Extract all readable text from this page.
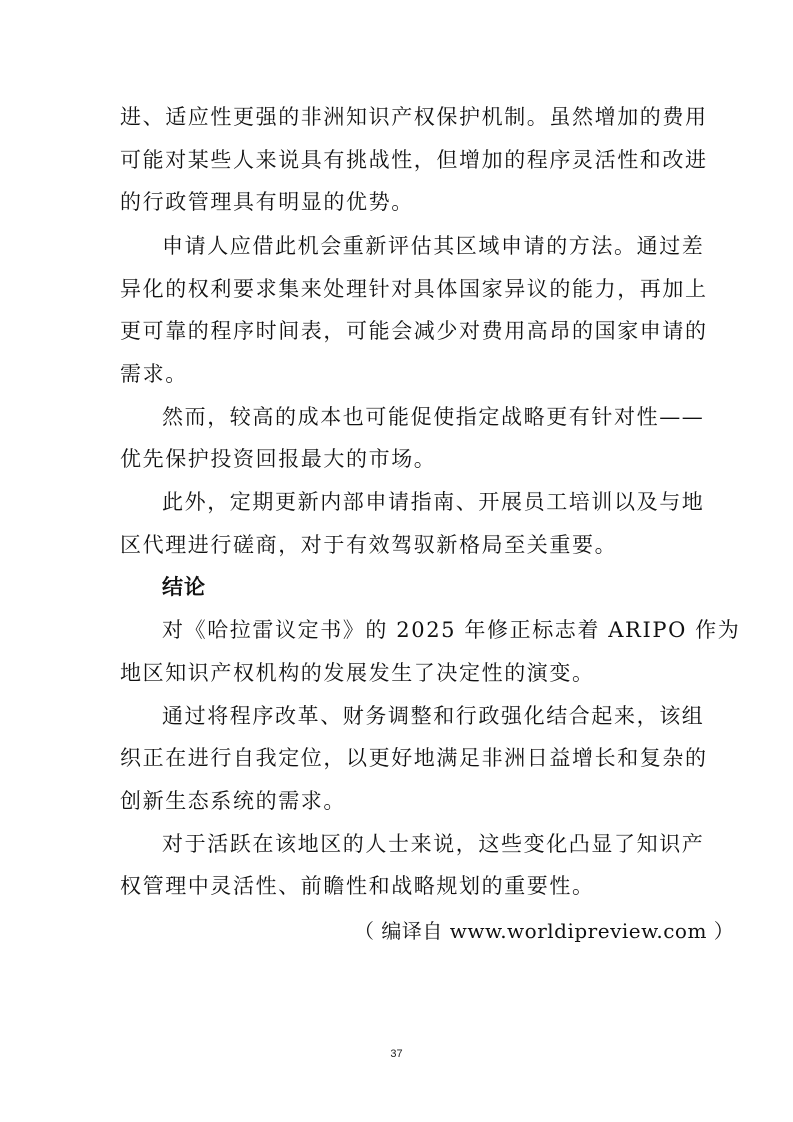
进、适应性更强的非洲知识产权保护机制。虽然增加的费用
可能对某些人来说具有挑战性，但增加的程序灵活性和改进
的行政管理具有明显的优势。
申请人应借此机会重新评估其区域申请的方法。通过差
异化的权利要求集来处理针对具体国家异议的能力，再加上
更可靠的程序时间表，可能会减少对费用高昂的国家申请的
需求。
然而，较高的成本也可能促使指定战略更有针对性——
优先保护投资回报最大的市场。
此外，定期更新内部申请指南、开展员工培训以及与地
区代理进行磋商，对于有效驾驭新格局至关重要。
结论
对《哈拉雷议定书》的 2025 年修正标志着 ARIPO 作为
地区知识产权机构的发展发生了决定性的演变。
通过将程序改革、财务调整和行政强化结合起来，该组
织正在进行自我定位，以更好地满足非洲日益增长和复杂的
创新生态系统的需求。
对于活跃在该地区的人士来说，这些变化凸显了知识产
权管理中灵活性、前瞻性和战略规划的重要性。
（ 编译自 www.worldipreview.com ）
37
